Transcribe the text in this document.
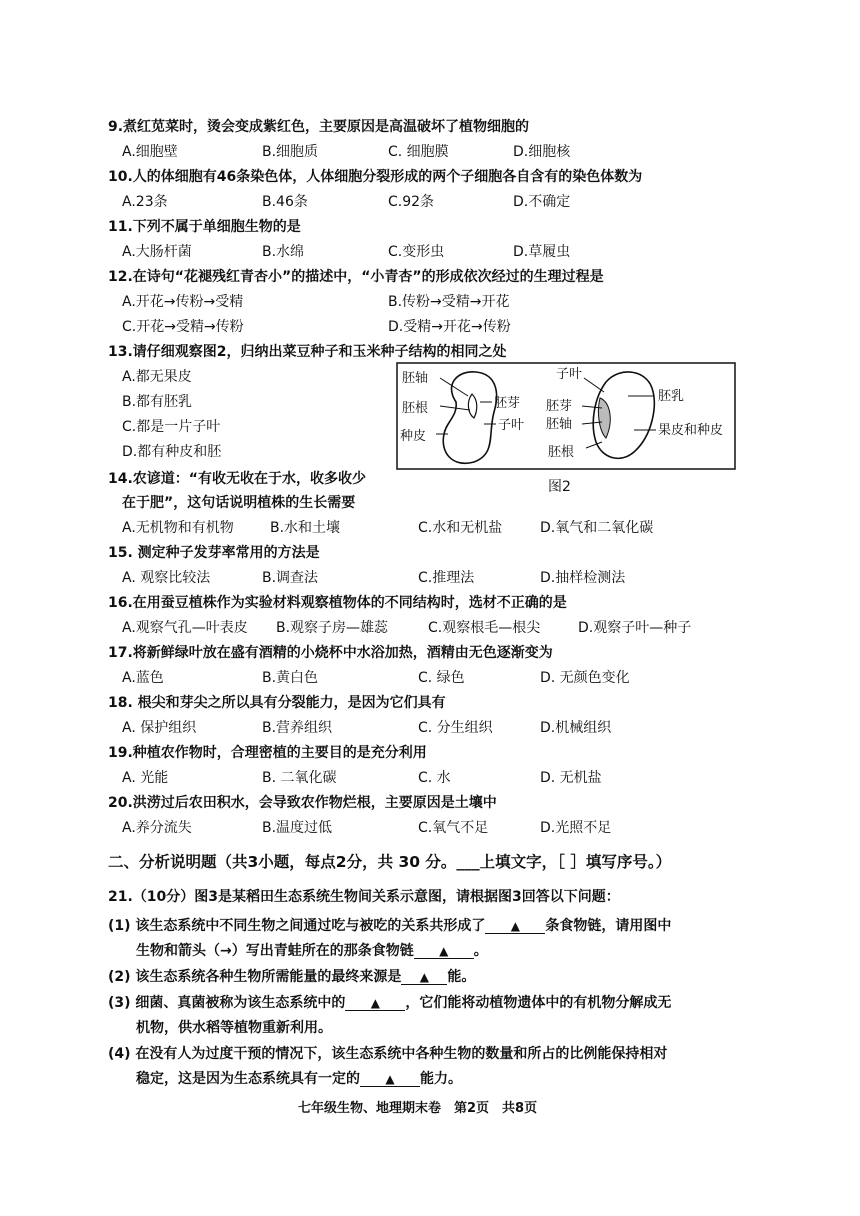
9.煮红苋菜时，烫会变成紫红色，主要原因是高温破坏了植物细胞的
A.细胞壁	B.细胞质	C. 细胞膜	D.细胞核
10.人的体细胞有46条染色体，人体细胞分裂形成的两个子细胞各自含有的染色体数为
A.23条	B.46条	C.92条	D.不确定
11.下列不属于单细胞生物的是
A.大肠杆菌	B.水绵	C.变形虫	D.草履虫
12.在诗句“花褪残红青杏小”的描述中，“小青杏”的形成依次经过的生理过程是
A.开花→传粉→受精	B.传粉→受精→开花
C.开花→受精→传粉	D.受精→开花→传粉
13.请仔细观察图2，归纳出菜豆种子和玉米种子结构的相同之处
A.都无果皮
B.都有胚乳
C.都是一片子叶
D.都有种皮和胚
胚轴
胚根
种皮
胚芽
子叶
子叶
胚乳
胚芽
胚轴	果皮和种皮
胚根
图2
14.农谚道：“有收无收在于水，收多收少
在于肥”，这句话说明植株的生长需要
A.无机物和有机物	B.水和土壤	C.水和无机盐	D.氧气和二氧化碳
15. 测定种子发芽率常用的方法是
A. 观察比较法	B.调查法	C.推理法	D.抽样检测法
16.在用蚕豆植株作为实验材料观察植物体的不同结构时，选材不正确的是
A.观察气孔—叶表皮 B.观察子房—雄蕊	C.观察根毛—根尖	D.观察子叶—种子
17.将新鲜绿叶放在盛有酒精的小烧杯中水浴加热，酒精由无色逐渐变为
A.蓝色	B.黄白色	C. 绿色	D. 无颜色变化
18. 根尖和芽尖之所以具有分裂能力，是因为它们具有
A. 保护组织	B.营养组织	C. 分生组织	D.机械组织
19.种植农作物时，合理密植的主要目的是充分利用
A. 光能	B. 二氧化碳	C. 水	D. 无机盐
20.洪涝过后农田积水，会导致农作物烂根，主要原因是土壤中
A.养分流失	B.温度过低	C.氧气不足	D.光照不足
二、分析说明题（共3小题，每点2分，共 30 分。___上填文字，［ ］填写序号。）
21.（10分）图3是某稻田生态系统生物间关系示意图，请根据图3回答以下问题：
(1) 该生态系统中不同生物之间通过吃与被吃的关系共形成了 ▲ 条食物链，请用图中
生物和箭头（→）写出青蛙所在的那条食物链 ▲ 。
(2) 该生态系统各种生物所需能量的最终来源是 ▲ 能。
(3) 细菌、真菌被称为该生态系统中的 ▲ ，它们能将动植物遗体中的有机物分解成无
机物，供水稻等植物重新利用。
(4) 在没有人为过度干预的情况下，该生态系统中各种生物的数量和所占的比例能保持相对
稳定，这是因为生态系统具有一定的 ▲ 能力。
七年级生物、地理期末卷　第2页　共8页
